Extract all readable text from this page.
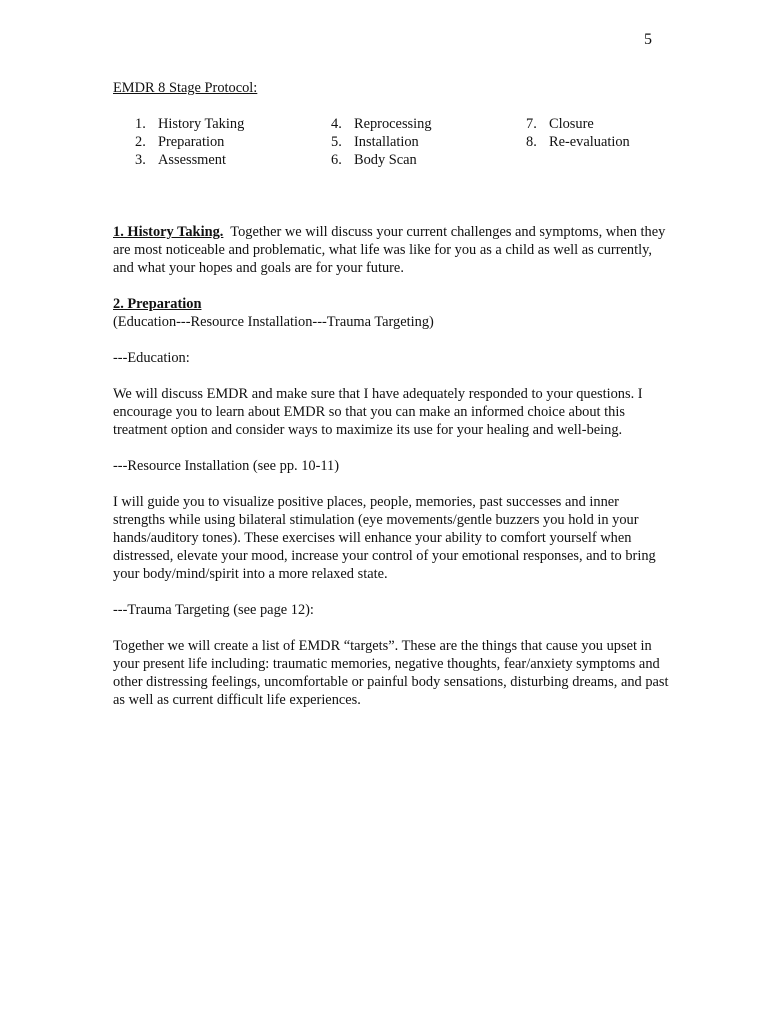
5

EMDR 8 Stage Protocol:

1. History Taking
2. Preparation
3. Assessment
4. Reprocessing
5. Installation
6. Body Scan
7. Closure
8. Re-evaluation

1. History Taking.  Together we will discuss your current challenges and symptoms, when they are most noticeable and problematic, what life was like for you as a child as well as currently, and what your hopes and goals are for your future.

2. Preparation

(Education---Resource Installation---Trauma Targeting)

---Education:

We will discuss EMDR and make sure that I have adequately responded to your questions. I encourage you to learn about EMDR so that you can make an informed choice about this treatment option and consider ways to maximize its use for your healing and well-being.

---Resource Installation (see pp. 10-11)

I will guide you to visualize positive places, people, memories, past successes and inner strengths while using bilateral stimulation (eye movements/gentle buzzers you hold in your hands/auditory tones). These exercises will enhance your ability to comfort yourself when distressed, elevate your mood, increase your control of your emotional responses, and to bring your body/mind/spirit into a more relaxed state.

---Trauma Targeting (see page 12):

Together we will create a list of EMDR “targets”. These are the things that cause you upset in your present life including: traumatic memories, negative thoughts, fear/anxiety symptoms and other distressing feelings, uncomfortable or painful body sensations, disturbing dreams, and past as well as current difficult life experiences.
